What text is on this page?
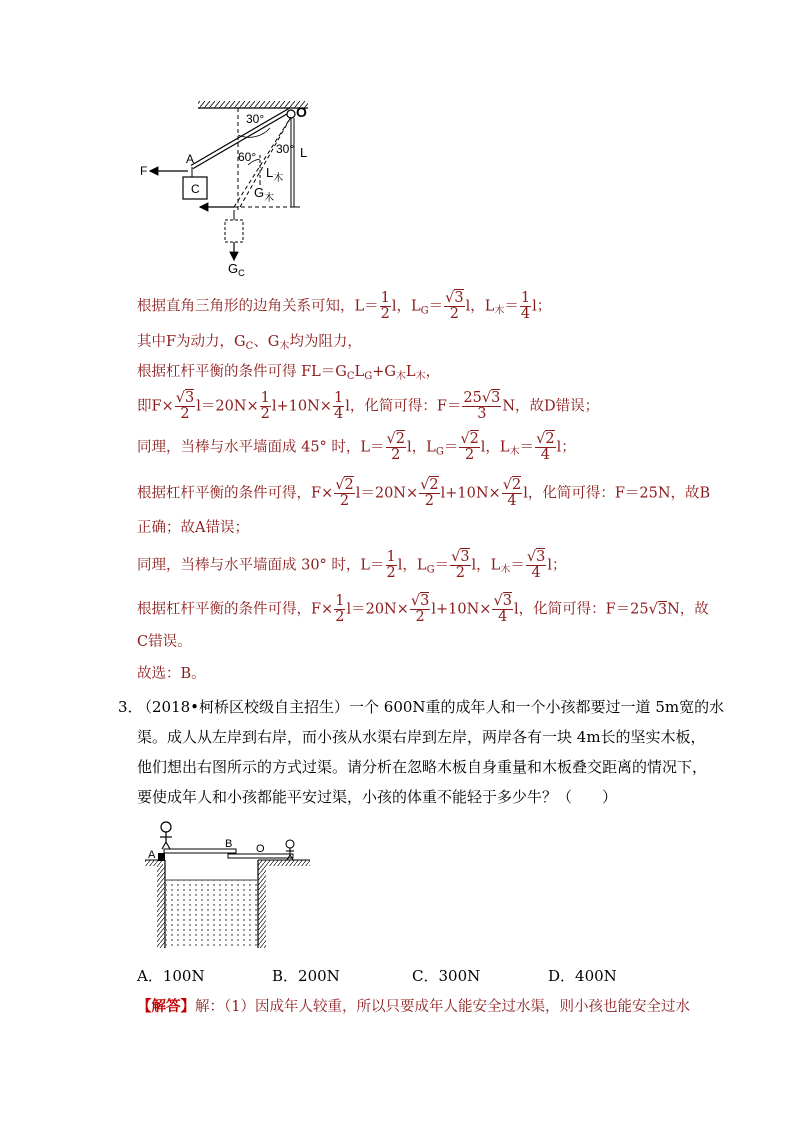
30° O
60°
30° L
A
F
C
$L_木$
$G_木$
$G_C$
根据直角三角形的边角关系可知，$L= \frac{1}{2}$ l，$L_G= \frac{√3}{2}$ l，$L_木= \frac{1}{4}$ l；
其中F为动力，$G_C$、$G_木$均为阻力，
根据杠杆平衡的条件可得 $FL=G_CL_G+G_木L_木$，
即$F\times \frac{√3}{2} l=20N\times \frac{1}{2} l+10N\times \frac{1}{4}$ l，化简可得：$F= \frac{25√3}{3}$ N，故D错误；
同理，当棒与水平墙面成 45° 时，$L= \frac{√2}{2}$ l，$L_G= \frac{√2}{2}$ l，$L_木= \frac{√2}{4}$ l；
根据杠杆平衡的条件可得，$F\times \frac{√2}{2} l=20N\times \frac{√2}{2} l+10N\times \frac{√2}{4}$ l，化简可得：F＝25N，故B
正确；故A错误；
同理，当棒与水平墙面成 30° 时，$L= \frac{1}{2}$ l，$L_G= \frac{√3}{2}$ l，$L_木= \frac{√3}{4}$ l；
根据杠杆平衡的条件可得，$F\times \frac{1}{2} l=20N\times \frac{√3}{2} l+10N\times \frac{√3}{4}$ l，化简可得：F＝25√3N，故
C错误。
故选：B。
3．
（2018•柯桥区校级自主招生）一个 600N重的成年人和一个小孩都要过一道 5m宽的水
渠。成人从左岸到右岸，而小孩从水渠右岸到左岸，两岸各有一块 4m长的坚实木板，
他们想出右图所示的方式过渠。请分析在忽略木板自身重量和木板叠交距离的情况下，
要使成年人和小孩都能平安过渠，小孩的体重不能轻于多少牛？（　　）
A
B O
A．100N	B．200N	C．300N	D．400N
【解答】解：（1）因成年人较重，所以只要成年人能安全过水渠，则小孩也能安全过水
